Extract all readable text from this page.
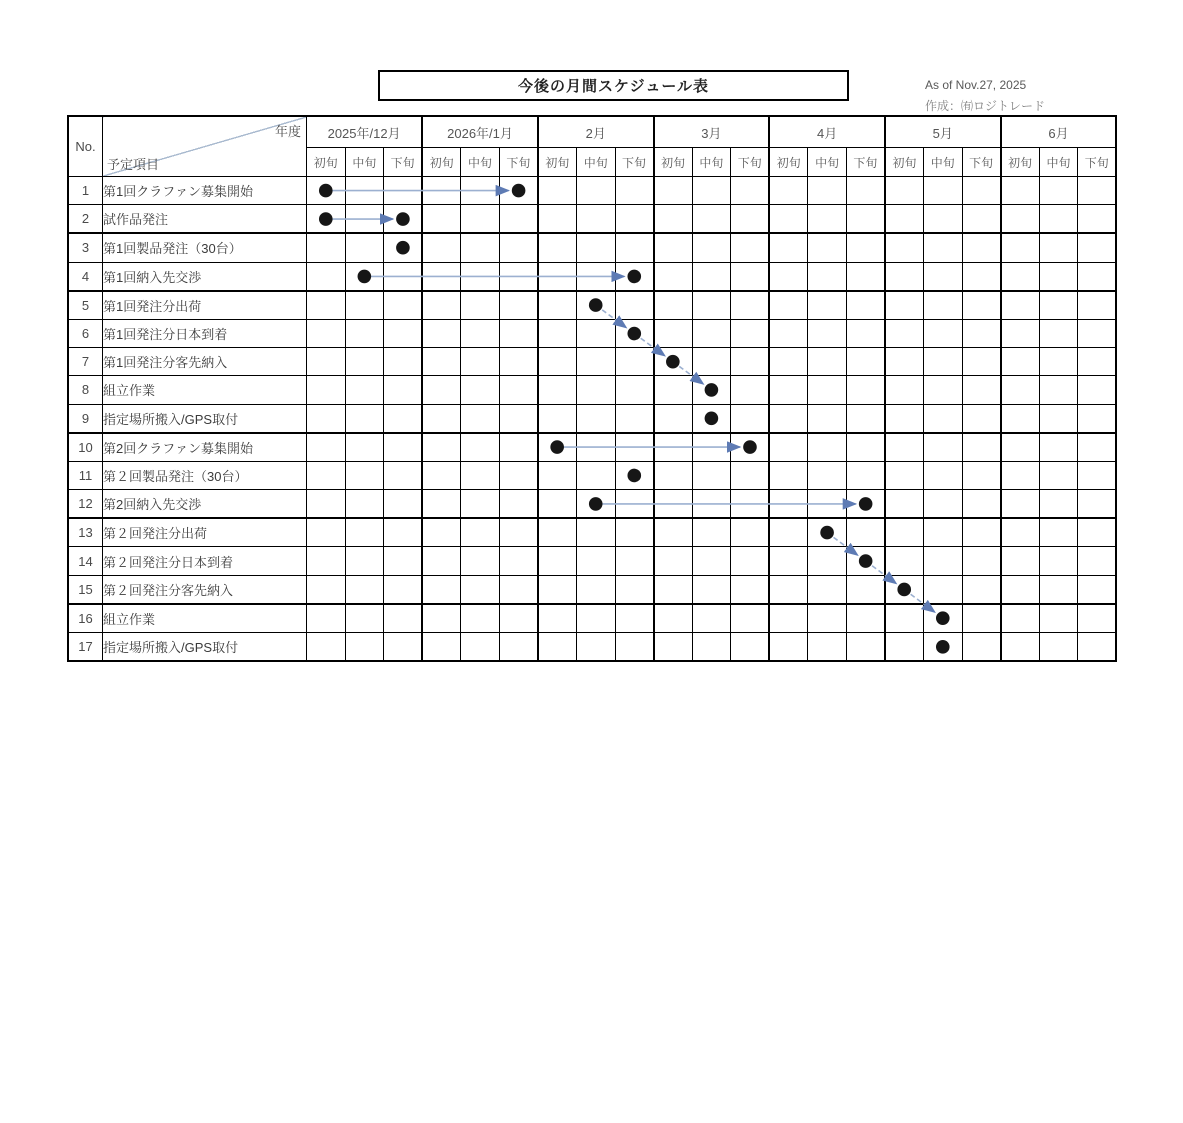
今後の月間スケジュール表	As of Nov.27, 2025
作成：㈲ロジトレード
No.	年度
予定項目	2025年/12月			2026年/1月			2月			3月			4月			5月			6月		
		初旬	中旬	下旬	初旬	中旬	下旬	初旬	中旬	下旬	初旬	中旬	下旬	初旬	中旬	下旬	初旬	中旬	下旬	初旬	中旬	下旬
1	第1回クラファン募集開始																					
2	試作品発注																					
3	第1回製品発注（30台）																					
4	第1回納入先交渉																					
5	第1回発注分出荷																					
6	第1回発注分日本到着																					
7	第1回発注分客先納入																					
8	組立作業																					
9	指定場所搬入/GPS取付																					
10	第2回クラファン募集開始																					
11	第２回製品発注（30台）																					
12	第2回納入先交渉																					
13	第２回発注分出荷																					
14	第２回発注分日本到着																					
15	第２回発注分客先納入																					
16	組立作業																					
17	指定場所搬入/GPS取付																					
